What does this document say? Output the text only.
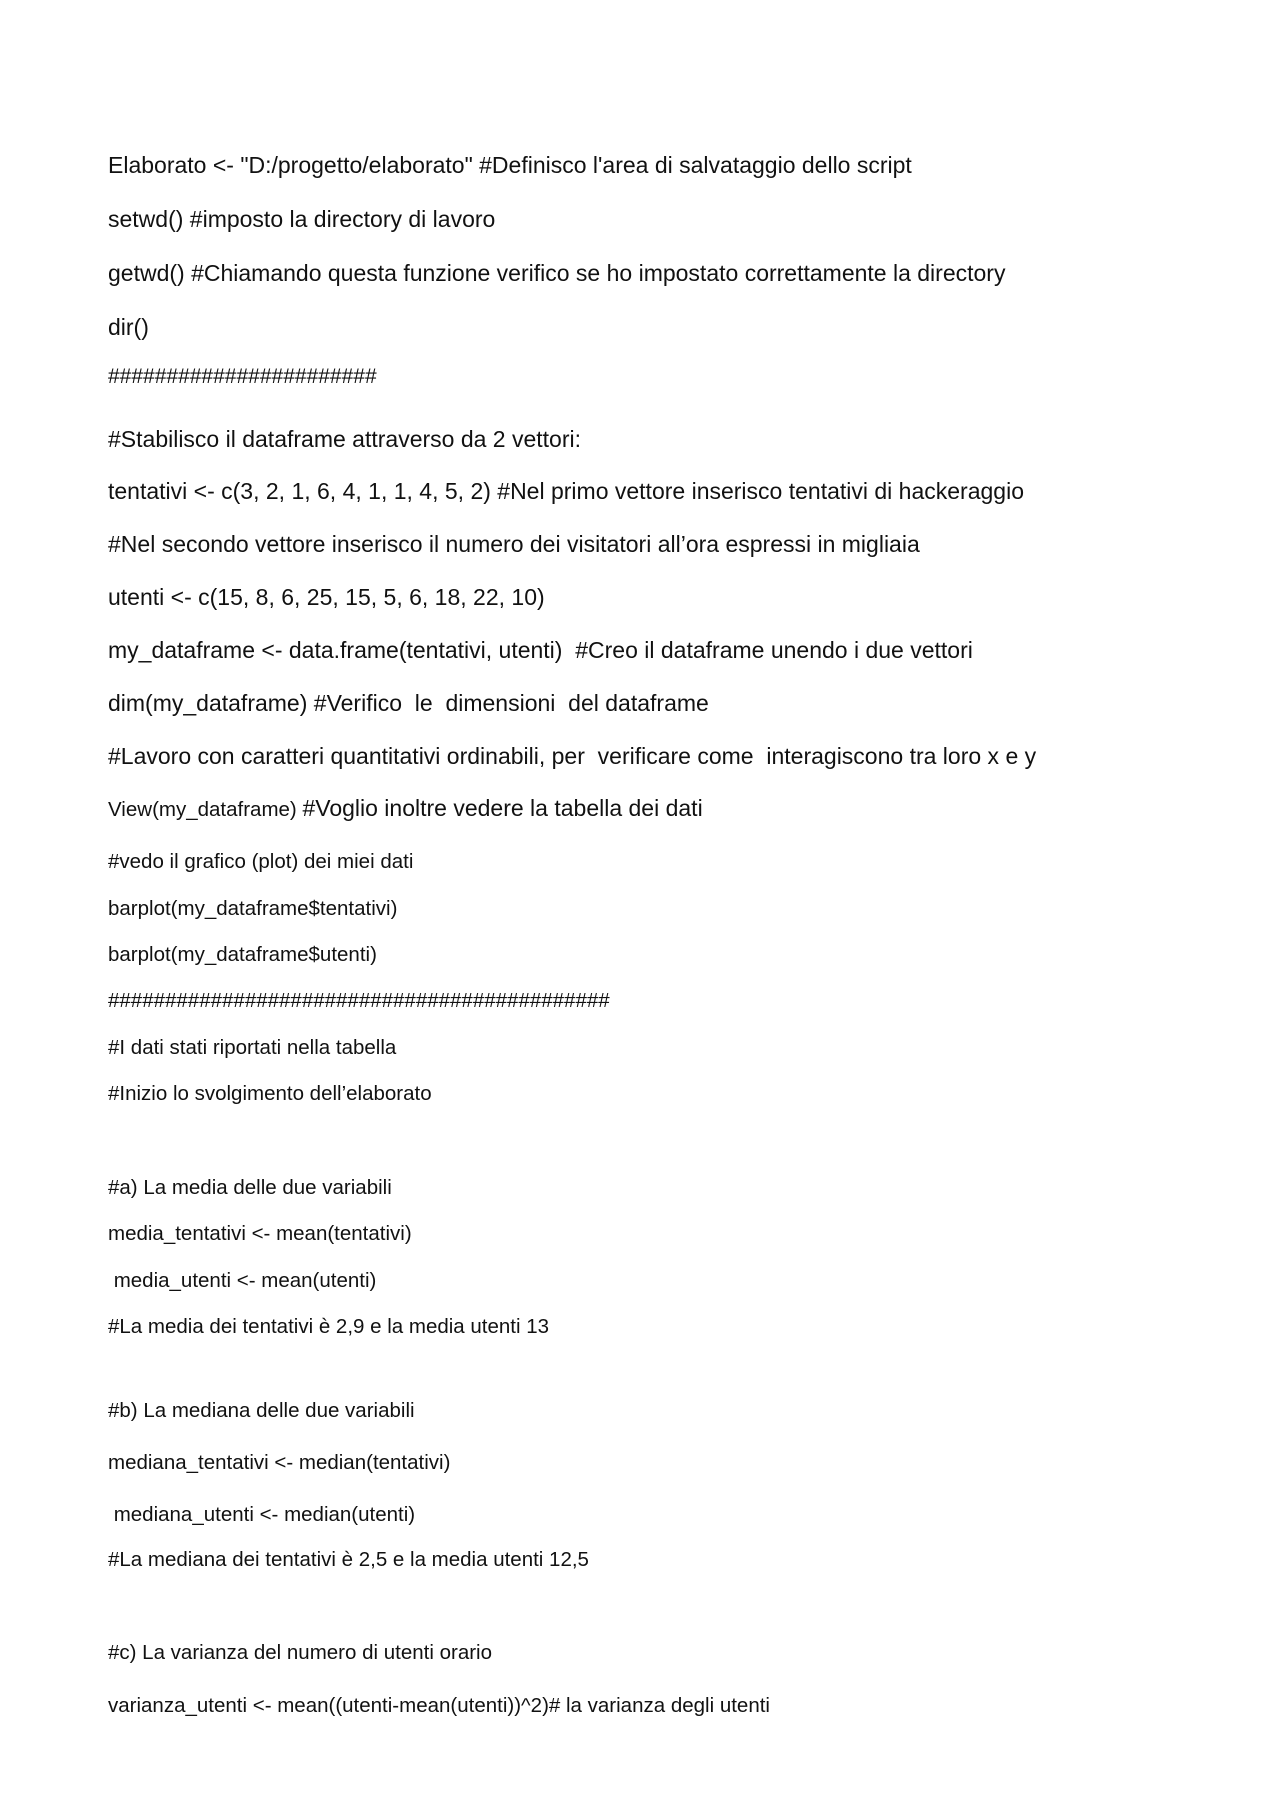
Elaborato <- "D:/progetto/elaborato" #Definisco l'area di salvataggio dello script

setwd() #imposto la directory di lavoro

getwd() #Chiamando questa funzione verifico se ho impostato correttamente la directory

dir()

#######################

#Stabilisco il dataframe attraverso da 2 vettori:

tentativi <- c(3, 2, 1, 6, 4, 1, 1, 4, 5, 2) #Nel primo vettore inserisco tentativi di hackeraggio

#Nel secondo vettore inserisco il numero dei visitatori all’ora espressi in migliaia

utenti <- c(15, 8, 6, 25, 15, 5, 6, 18, 22, 10)

my_dataframe <- data.frame(tentativi, utenti)  #Creo il dataframe unendo i due vettori

dim(my_dataframe) #Verifico  le  dimensioni  del dataframe

#Lavoro con caratteri quantitativi ordinabili, per  verificare come  interagiscono tra loro x e y

View(my_dataframe) #Voglio inoltre vedere la tabella dei dati

#vedo il grafico (plot) dei miei dati

barplot(my_dataframe$tentativi)

barplot(my_dataframe$utenti)

############################################

#I dati stati riportati nella tabella

#Inizio lo svolgimento dell’elaborato

#a) La media delle due variabili

media_tentativi <- mean(tentativi)

media_utenti <- mean(utenti)

#La media dei tentativi è 2,9 e la media utenti 13

#b) La mediana delle due variabili

mediana_tentativi <- median(tentativi)

mediana_utenti <- median(utenti)

#La mediana dei tentativi è 2,5 e la media utenti 12,5

#c) La varianza del numero di utenti orario

varianza_utenti <- mean((utenti-mean(utenti))^2)# la varianza degli utenti
